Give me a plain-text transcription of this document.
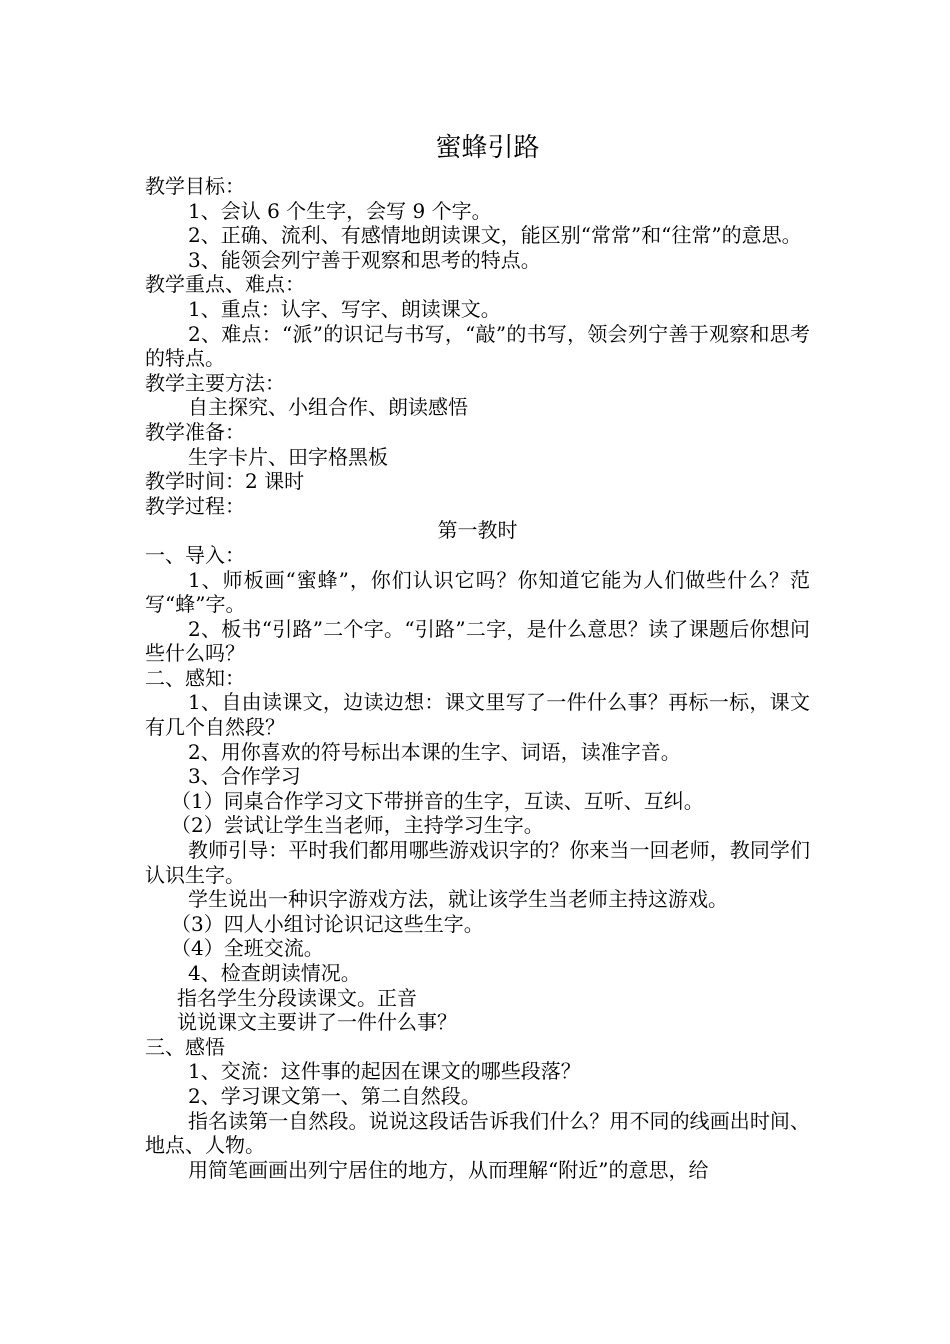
蜜蜂引路

教学目标：

1、会认 6 个生字，会写 9 个字。

2、正确、流利、有感情地朗读课文，能区别“常常”和“往常”的意思。

3、能领会列宁善于观察和思考的特点。

教学重点、难点：

1、重点：认字、写字、朗读课文。

2、难点：“派”的识记与书写，“敲”的书写，领会列宁善于观察和思考的特点。

教学主要方法：

自主探究、小组合作、朗读感悟

教学准备：

生字卡片、田字格黑板

教学时间：2 课时

教学过程：

第一教时

一、导入：

1、师板画“蜜蜂”，你们认识它吗？你知道它能为人们做些什么？范写“蜂”字。

2、板书“引路”二个字。“引路”二字，是什么意思？读了课题后你想问些什么吗？

二、感知：

1、自由读课文，边读边想：课文里写了一件什么事？再标一标，课文有几个自然段？

2、用你喜欢的符号标出本课的生字、词语，读准字音。

3、合作学习

（1）同桌合作学习文下带拼音的生字，互读、互听、互纠。

（2）尝试让学生当老师，主持学习生字。

教师引导：平时我们都用哪些游戏识字的？你来当一回老师，教同学们认识生字。

学生说出一种识字游戏方法，就让该学生当老师主持这游戏。

（3）四人小组讨论识记这些生字。

（4）全班交流。

4、检查朗读情况。

指名学生分段读课文。正音

说说课文主要讲了一件什么事？

三、感悟

1、交流：这件事的起因在课文的哪些段落？

2、学习课文第一、第二自然段。

指名读第一自然段。说说这段话告诉我们什么？用不同的线画出时间、地点、人物。

用简笔画画出列宁居住的地方，从而理解“附近”的意思，给
